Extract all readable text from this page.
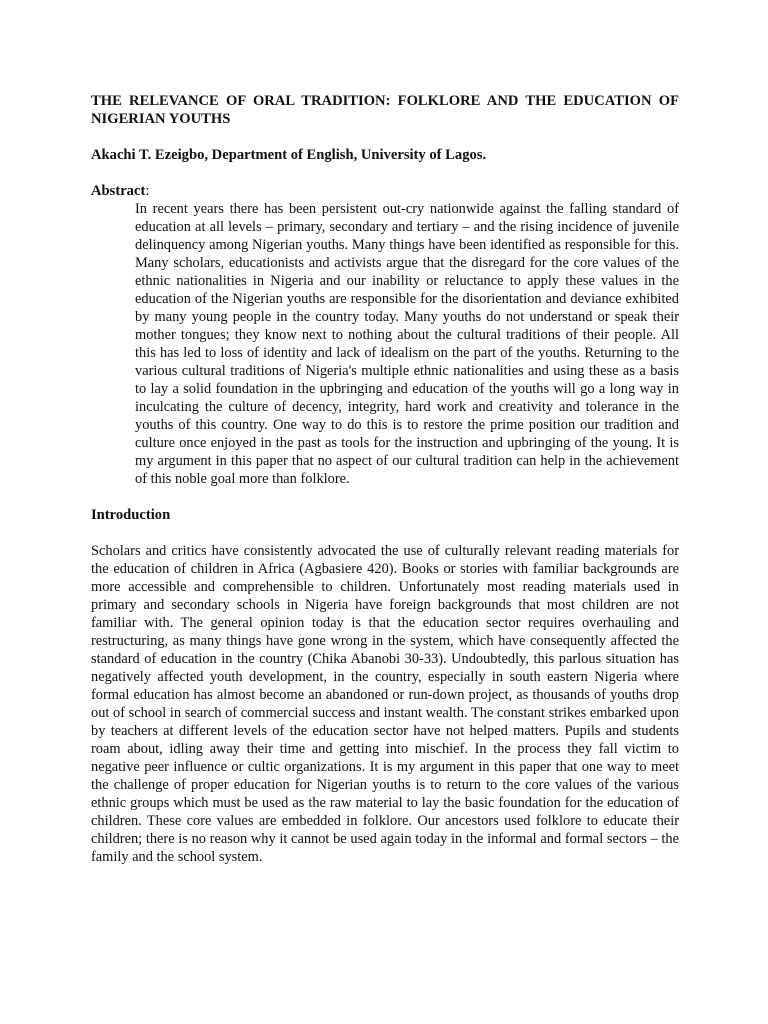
THE RELEVANCE OF ORAL TRADITION: FOLKLORE AND THE EDUCATION OF NIGERIAN YOUTHS

Akachi T. Ezeigbo, Department of English, University of Lagos.

Abstract:

In recent years there has been persistent out-cry nationwide against the falling standard of education at all levels – primary, secondary and tertiary – and the rising incidence of juvenile delinquency among Nigerian youths. Many things have been identified as responsible for this. Many scholars, educationists and activists argue that the disregard for the core values of the ethnic nationalities in Nigeria and our inability or reluctance to apply these values in the education of the Nigerian youths are responsible for the disorientation and deviance exhibited by many young people in the country today. Many youths do not understand or speak their mother tongues; they know next to nothing about the cultural traditions of their people. All this has led to loss of identity and lack of idealism on the part of the youths. Returning to the various cultural traditions of Nigeria's multiple ethnic nationalities and using these as a basis to lay a solid foundation in the upbringing and education of the youths will go a long way in inculcating the culture of decency, integrity, hard work and creativity and tolerance in the youths of this country. One way to do this is to restore the prime position our tradition and culture once enjoyed in the past as tools for the instruction and upbringing of the young. It is my argument in this paper that no aspect of our cultural tradition can help in the achievement of this noble goal more than folklore.

Introduction

Scholars and critics have consistently advocated the use of culturally relevant reading materials for the education of children in Africa (Agbasiere 420). Books or stories with familiar backgrounds are more accessible and comprehensible to children. Unfortunately most reading materials used in primary and secondary schools in Nigeria have foreign backgrounds that most children are not familiar with. The general opinion today is that the education sector requires overhauling and restructuring, as many things have gone wrong in the system, which have consequently affected the standard of education in the country (Chika Abanobi 30-33). Undoubtedly, this parlous situation has negatively affected youth development, in the country, especially in south eastern Nigeria where formal education has almost become an abandoned or run-down project, as thousands of youths drop out of school in search of commercial success and instant wealth. The constant strikes embarked upon by teachers at different levels of the education sector have not helped matters. Pupils and students roam about, idling away their time and getting into mischief. In the process they fall victim to negative peer influence or cultic organizations. It is my argument in this paper that one way to meet the challenge of proper education for Nigerian youths is to return to the core values of the various ethnic groups which must be used as the raw material to lay the basic foundation for the education of children. These core values are embedded in folklore. Our ancestors used folklore to educate their children; there is no reason why it cannot be used again today in the informal and formal sectors – the family and the school system.
